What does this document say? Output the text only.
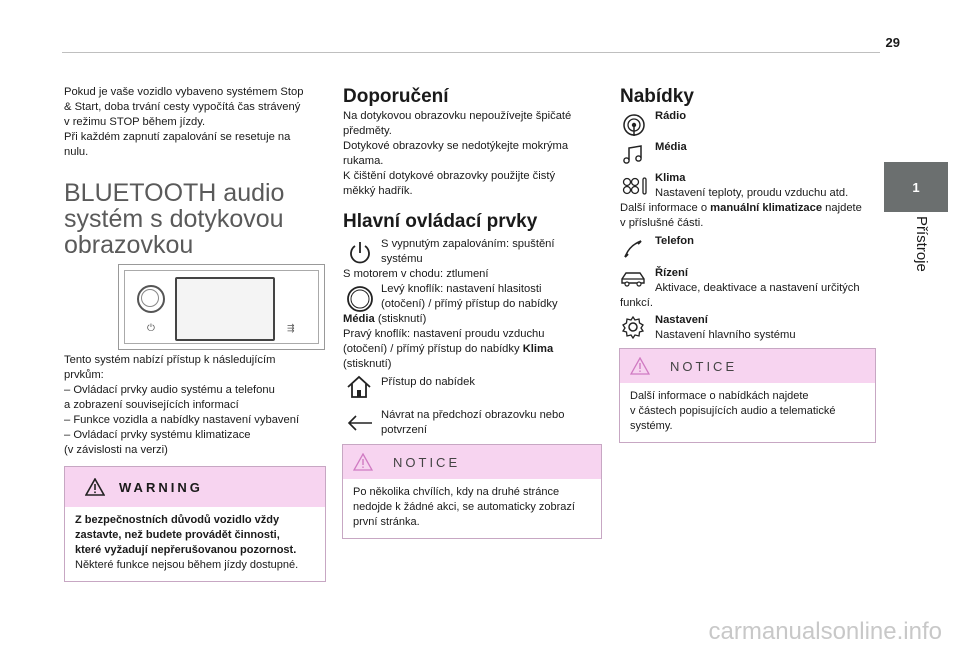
29
1
Přístroje

Pokud je vaše vozidlo vybaveno systémem Stop

& Start, doba trvání cesty vypočítá čas strávený

v režimu STOP během jízdy.

Při každém zapnutí zapalování se resetuje na

nulu.

BLUETOOTH audio
systém s dotykovou
obrazovkou
⏻	⇶

Tento systém nabízí přístup k následujícím

prvkům:

– Ovládací prvky audio systému a telefonu

a zobrazení souvisejících informací

– Funkce vozidla a nabídky nastavení vybavení

– Ovládací prvky systému klimatizace

(v závislosti na verzi)

WARNING
Z bezpečnostních důvodů vozidlo vždy
zastavte, než budete provádět činnosti,
které vyžadují nepřerušovanou pozornost.
Některé funkce nejsou během jízdy dostupné.
Doporučení

Na dotykovou obrazovku nepoužívejte špičaté

předměty.

Dotykové obrazovky se nedotýkejte mokrýma

rukama.

K čištění dotykové obrazovky použijte čistý

měkký hadřík.

Hlavní ovládací prvky
S vypnutým zapalováním: spuštění
systému
S motorem v chodu: ztlumení
Levý knoflík: nastavení hlasitosti
(otočení) / přímý přístup do nabídky
Média (stisknutí)
Pravý knoflík: nastavení proudu vzduchu
(otočení) / přímý přístup do nabídky Klima
(stisknutí)
Přístup do nabídek
Návrat na předchozí obrazovku nebo
potvrzení
NOTICE
Po několika chvílích, kdy na druhé stránce
nedojde k žádné akci, se automaticky zobrazí
první stránka.
Nabídky
Rádio
Média
Klima
Nastavení teploty, proudu vzduchu atd.
Další informace o manuální klimatizace najdete
v příslušné části.
Telefon
Řízení
Aktivace, deaktivace a nastavení určitých
funkcí.
Nastavení
Nastavení hlavního systému
NOTICE
Další informace o nabídkách najdete
v částech popisujících audio a telematické
systémy.
carmanualsonline.info
